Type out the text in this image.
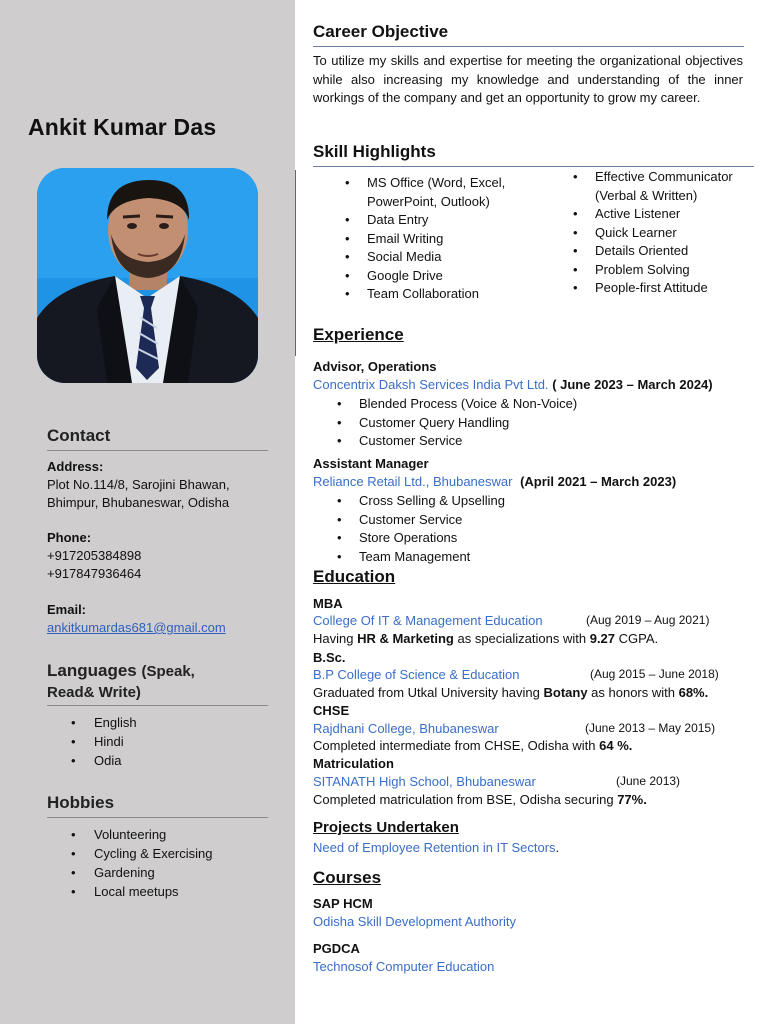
Ankit Kumar Das
Contact
Address:
Plot No.114/8, Sarojini Bhawan,
Bhimpur, Bhubaneswar, Odisha
Phone:
+917205384898
+917847936464
Email:
ankitkumardas681@gmail.com
Languages (Speak,
Read& Write)
• English
• Hindi
• Odia
Hobbies
• Volunteering
• Cycling & Exercising
• Gardening
• Local meetups
Career Objective
To utilize my skills and expertise for meeting the organizational objectives while also increasing my knowledge and understanding of the inner workings of the company and get an opportunity to grow my career.
Skill Highlights
• MS Office (Word, Excel, PowerPoint, Outlook)
• Data Entry
• Email Writing
• Social Media
• Google Drive
• Team Collaboration
• Effective Communicator (Verbal & Written)
• Active Listener
• Quick Learner
• Details Oriented
• Problem Solving
• People-first Attitude
Experience
Advisor, Operations
Concentrix Daksh Services India Pvt Ltd. ( June 2023 – March 2024)
• Blended Process (Voice & Non-Voice)
• Customer Query Handling
• Customer Service
Assistant Manager
Reliance Retail Ltd., Bhubaneswar (April 2021 – March 2023)
• Cross Selling & Upselling
• Customer Service
• Store Operations
• Team Management
Education
MBA
College Of IT & Management Education	(Aug 2019 – Aug 2021)
Having HR & Marketing as specializations with 9.27 CGPA.
B.Sc.
B.P College of Science & Education	(Aug 2015 – June 2018)
Graduated from Utkal University having Botany as honors with 68%.
CHSE
Rajdhani College, Bhubaneswar	(June 2013 – May 2015)
Completed intermediate from CHSE, Odisha with 64 %.
Matriculation
SITANATH High School, Bhubaneswar	(June 2013)
Completed matriculation from BSE, Odisha securing 77%.
Projects Undertaken
Need of Employee Retention in IT Sectors.
Courses
SAP HCM
Odisha Skill Development Authority
PGDCA
Technosof Computer Education
